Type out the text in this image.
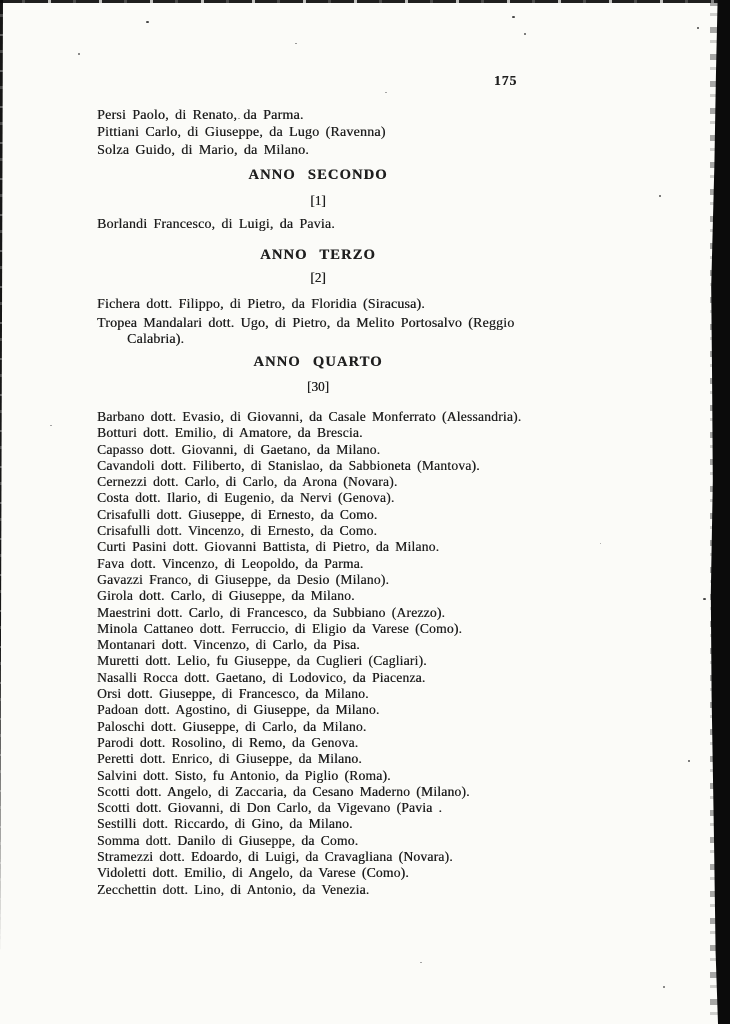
175
Persi Paolo, di Renato, da Parma.
Pittiani Carlo, di Giuseppe, da Lugo (Ravenna)
Solza Guido, di Mario, da Milano.
ANNO SECONDO
[1]
Borlandi Francesco, di Luigi, da Pavia.
ANNO TERZO
[2]
Fichera dott. Filippo, di Pietro, da Floridia (Siracusa).
Tropea Mandalari dott. Ugo, di Pietro, da Melito Portosalvo (Reggio
Calabria).
ANNO QUARTO
[30]
Barbano dott. Evasio, di Giovanni, da Casale Monferrato (Alessandria).
Botturi dott. Emilio, di Amatore, da Brescia.
Capasso dott. Giovanni, di Gaetano, da Milano.
Cavandoli dott. Filiberto, di Stanislao, da Sabbioneta (Mantova).
Cernezzi dott. Carlo, di Carlo, da Arona (Novara).
Costa dott. Ilario, di Eugenio, da Nervi (Genova).
Crisafulli dott. Giuseppe, di Ernesto, da Como.
Crisafulli dott. Vincenzo, di Ernesto, da Como.
Curti Pasini dott. Giovanni Battista, di Pietro, da Milano.
Fava dott. Vincenzo, di Leopoldo, da Parma.
Gavazzi Franco, di Giuseppe, da Desio (Milano).
Girola dott. Carlo, di Giuseppe, da Milano.
Maestrini dott. Carlo, di Francesco, da Subbiano (Arezzo).
Minola Cattaneo dott. Ferruccio, di Eligio da Varese (Como).
Montanari dott. Vincenzo, di Carlo, da Pisa.
Muretti dott. Lelio, fu Giuseppe, da Cuglieri (Cagliari).
Nasalli Rocca dott. Gaetano, di Lodovico, da Piacenza.
Orsi dott. Giuseppe, di Francesco, da Milano.
Padoan dott. Agostino, di Giuseppe, da Milano.
Paloschi dott. Giuseppe, di Carlo, da Milano.
Parodi dott. Rosolino, di Remo, da Genova.
Peretti dott. Enrico, di Giuseppe, da Milano.
Salvini dott. Sisto, fu Antonio, da Piglio (Roma).
Scotti dott. Angelo, di Zaccaria, da Cesano Maderno (Milano).
Scotti dott. Giovanni, di Don Carlo, da Vigevano (Pavia .
Sestilli dott. Riccardo, di Gino, da Milano.
Somma dott. Danilo di Giuseppe, da Como.
Stramezzi dott. Edoardo, di Luigi, da Cravagliana (Novara).
Vidoletti dott. Emilio, di Angelo, da Varese (Como).
Zecchettin dott. Lino, di Antonio, da Venezia.
